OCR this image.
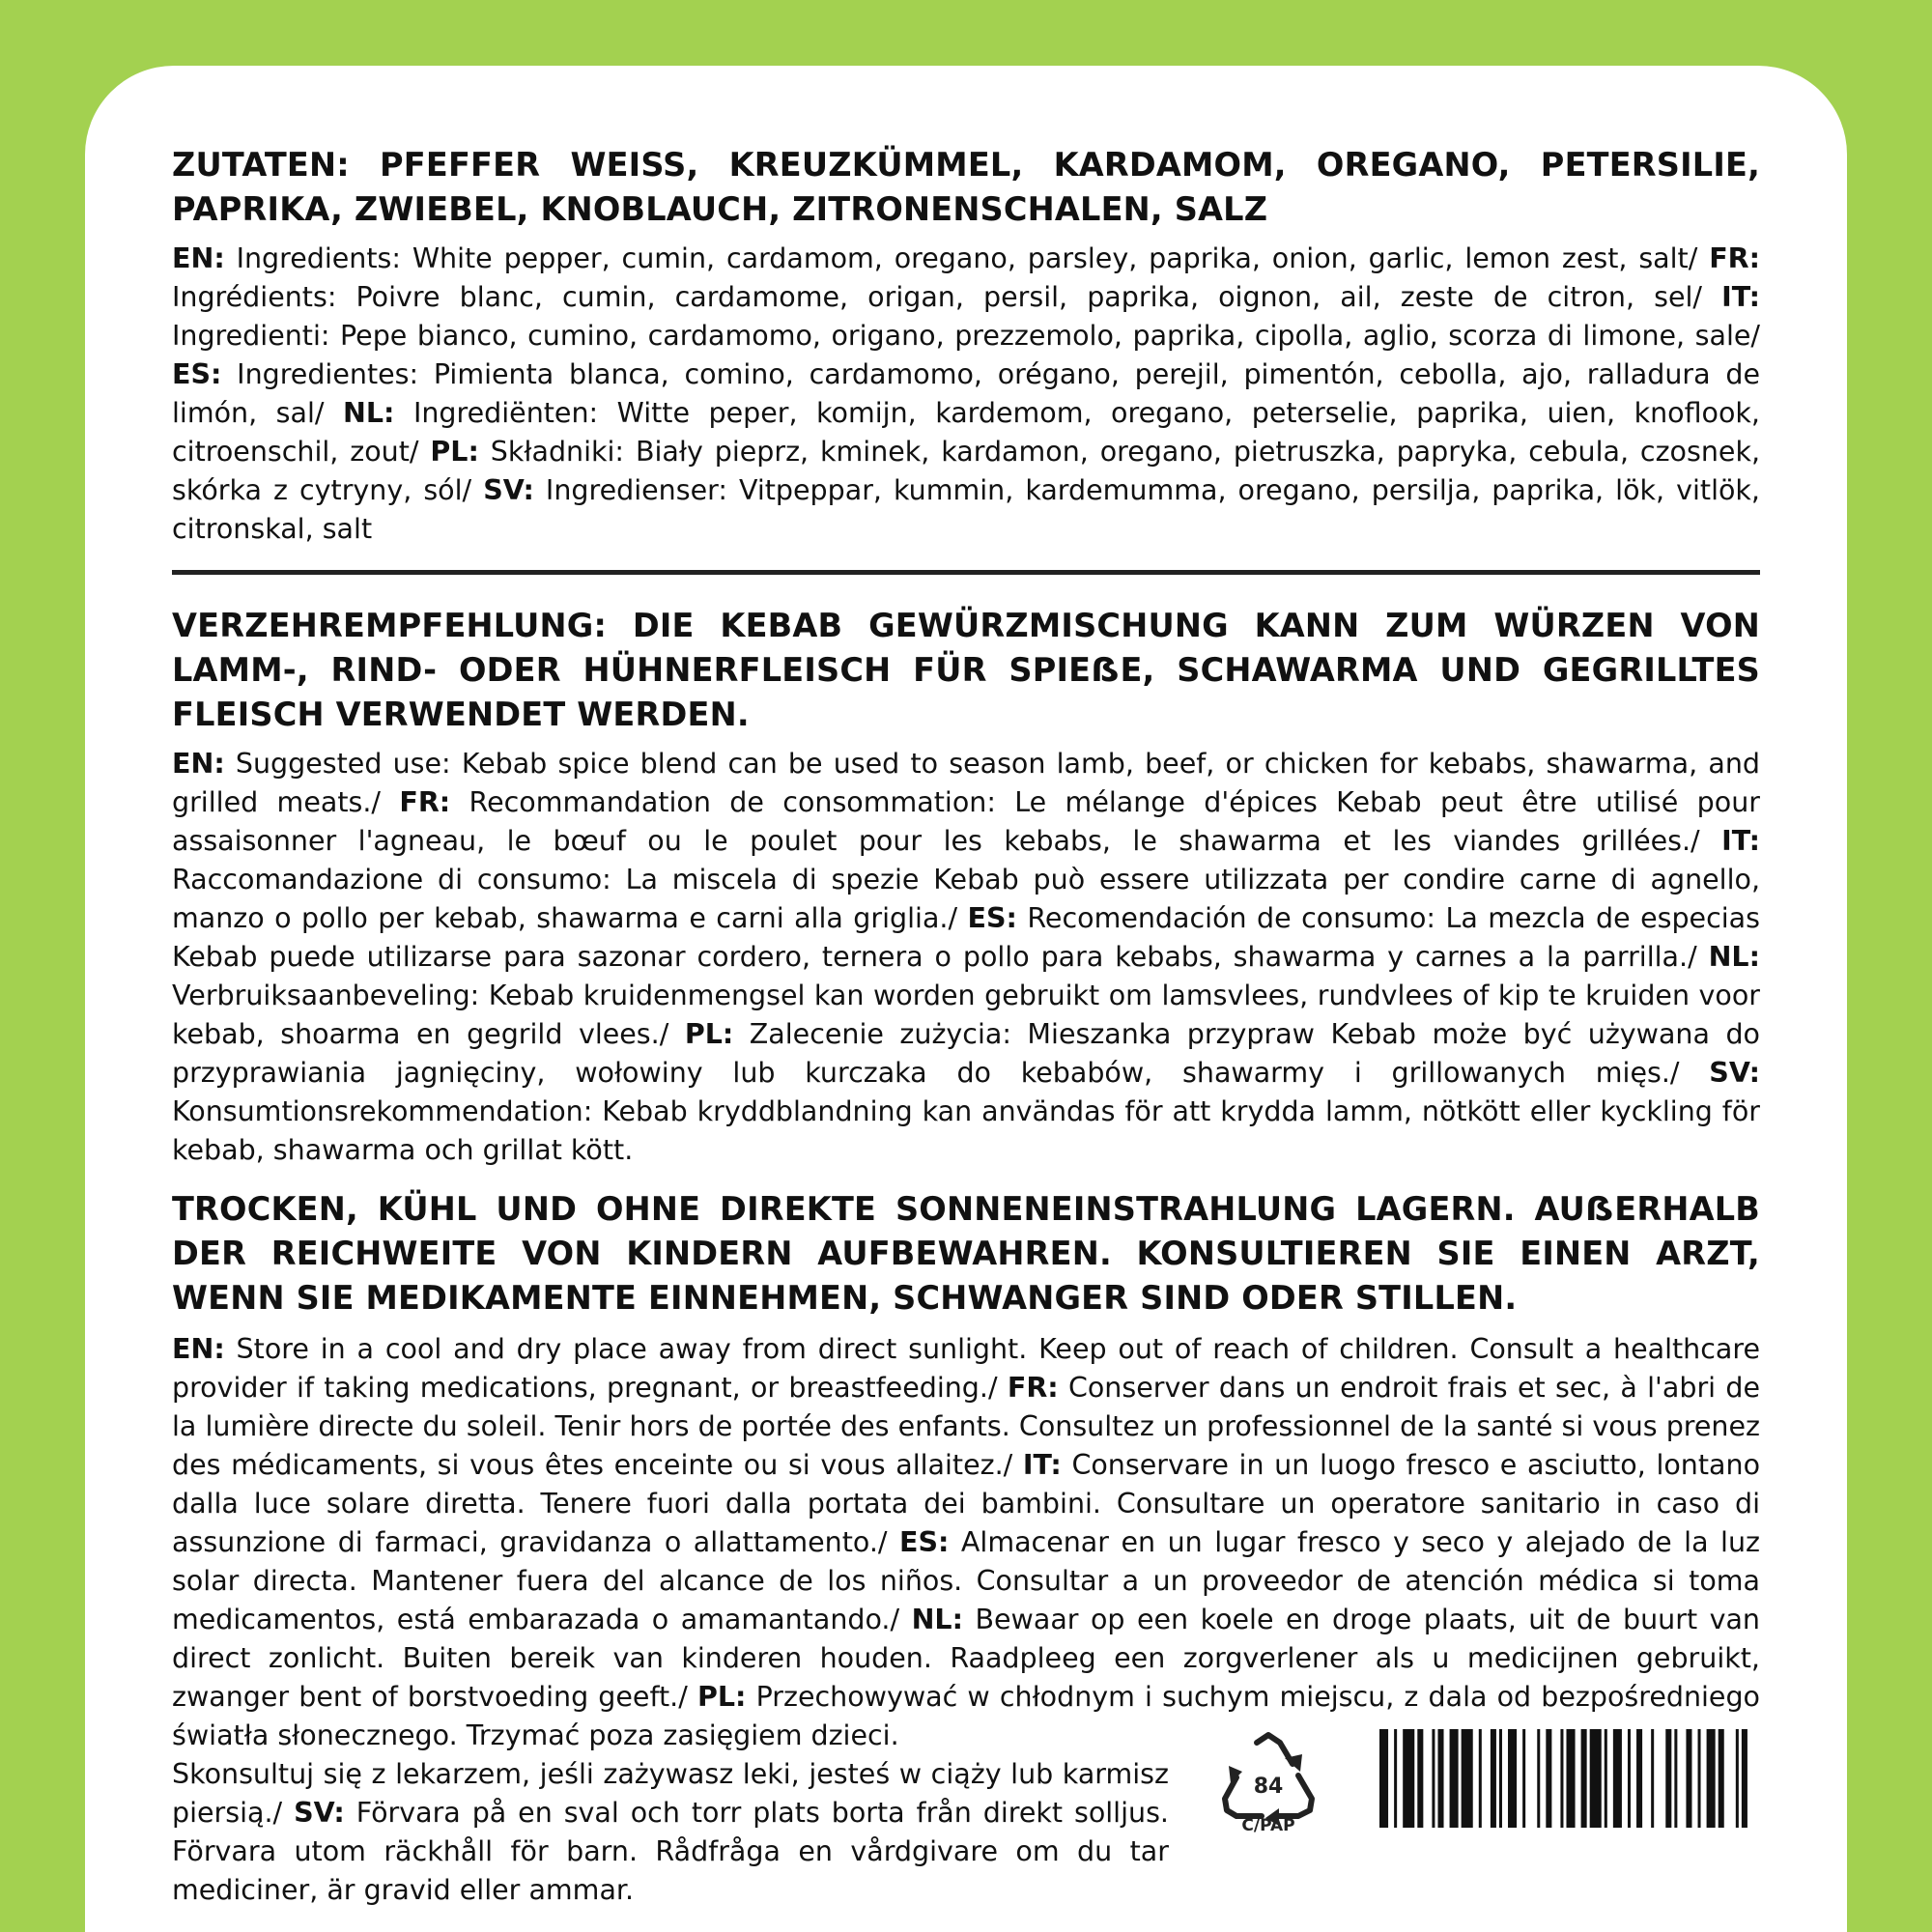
ZUTATEN: PFEFFER WEISS, KREUZKÜMMEL, KARDAMOM, OREGANO, PETERSILIE, PAPRIKA, ZWIEBEL, KNOBLAUCH, ZITRONENSCHALEN, SALZ

EN: Ingredients: White pepper, cumin, cardamom, oregano, parsley, paprika, onion, garlic, lemon zest, salt/ FR: Ingrédients: Poivre blanc, cumin, cardamome, origan, persil, paprika, oignon, ail, zeste de citron, sel/ IT: Ingredienti: Pepe bianco, cumino, cardamomo, origano, prezzemolo, paprika, cipolla, aglio, scorza di limone, sale/ ES: Ingredientes: Pimienta blanca, comino, cardamomo, orégano, perejil, pimentón, cebolla, ajo, ralladura de limón, sal/ NL: Ingrediënten: Witte peper, komijn, kardemom, oregano, peterselie, paprika, uien, knoflook, citroenschil, zout/ PL: Składniki: Biały pieprz, kminek, kardamon, oregano, pietruszka, papryka, cebula, czosnek, skórka z cytryny, sól/ SV: Ingredienser: Vitpeppar, kummin, kardemumma, oregano, persilja, paprika, lök, vitlök, citronskal, salt

VERZEHREMPFEHLUNG: DIE KEBAB GEWÜRZMISCHUNG KANN ZUM WÜRZEN VON LAMM-, RIND- ODER HÜHNERFLEISCH FÜR SPIEẞE, SCHAWARMA UND GEGRILLTES FLEISCH VERWENDET WERDEN.

EN: Suggested use: Kebab spice blend can be used to season lamb, beef, or chicken for kebabs, shawarma, and grilled meats./ FR: Recommandation de consommation: Le mélange d'épices Kebab peut être utilisé pour assaisonner l'agneau, le bœuf ou le poulet pour les kebabs, le shawarma et les viandes grillées./ IT: Raccomandazione di consumo: La miscela di spezie Kebab può essere utilizzata per condire carne di agnello, manzo o pollo per kebab, shawarma e carni alla griglia./ ES: Recomendación de consumo: La mezcla de especias Kebab puede utilizarse para sazonar cordero, ternera o pollo para kebabs, shawarma y carnes a la parrilla./ NL: Verbruiksaanbeveling: Kebab kruidenmengsel kan worden gebruikt om lamsvlees, rundvlees of kip te kruiden voor kebab, shoarma en gegrild vlees./ PL: Zalecenie zużycia: Mieszanka przypraw Kebab może być używana do przyprawiania jagnięciny, wołowiny lub kurczaka do kebabów, shawarmy i grillowanych mięs./ SV: Konsumtionsrekommendation: Kebab kryddblandning kan användas för att krydda lamm, nötkött eller kyckling för kebab, shawarma och grillat kött.

TROCKEN, KÜHL UND OHNE DIREKTE SONNENEINSTRAHLUNG LAGERN. AUẞERHALB DER REICHWEITE VON KINDERN AUFBEWAHREN. KONSULTIEREN SIE EINEN ARZT, WENN SIE MEDIKAMENTE EINNEHMEN, SCHWANGER SIND ODER STILLEN.

EN: Store in a cool and dry place away from direct sunlight. Keep out of reach of children. Consult a healthcare provider if taking medications, pregnant, or breastfeeding./ FR: Conserver dans un endroit frais et sec, à l'abri de la lumière directe du soleil. Tenir hors de portée des enfants. Consultez un professionnel de la santé si vous prenez des médicaments, si vous êtes enceinte ou si vous allaitez./ IT: Conservare in un luogo fresco e asciutto, lontano dalla luce solare diretta. Tenere fuori dalla portata dei bambini. Consultare un operatore sanitario in caso di assunzione di farmaci, gravidanza o allattamento./ ES: Almacenar en un lugar fresco y seco y alejado de la luz solar directa. Mantener fuera del alcance de los niños. Consultar a un proveedor de atención médica si toma medicamentos, está embarazada o amamantando./ NL: Bewaar op een koele en droge plaats, uit de buurt van direct zonlicht. Buiten bereik van kinderen houden. Raadpleeg een zorgverlener als u medicijnen gebruikt, zwanger bent of borstvoeding geeft./ PL: Przechowywać w chłodnym i suchym miejscu, z dala od bezpośredniego światła słonecznego. Trzymać poza zasięgiem dzieci.

Skonsultuj się z lekarzem, jeśli zażywasz leki, jesteś w ciąży lub karmisz piersią./ SV: Förvara på en sval och torr plats borta från direkt solljus. Förvara utom räckhåll för barn. Rådfråga en vårdgivare om du tar mediciner, är gravid eller ammar.

84
C/PAP
